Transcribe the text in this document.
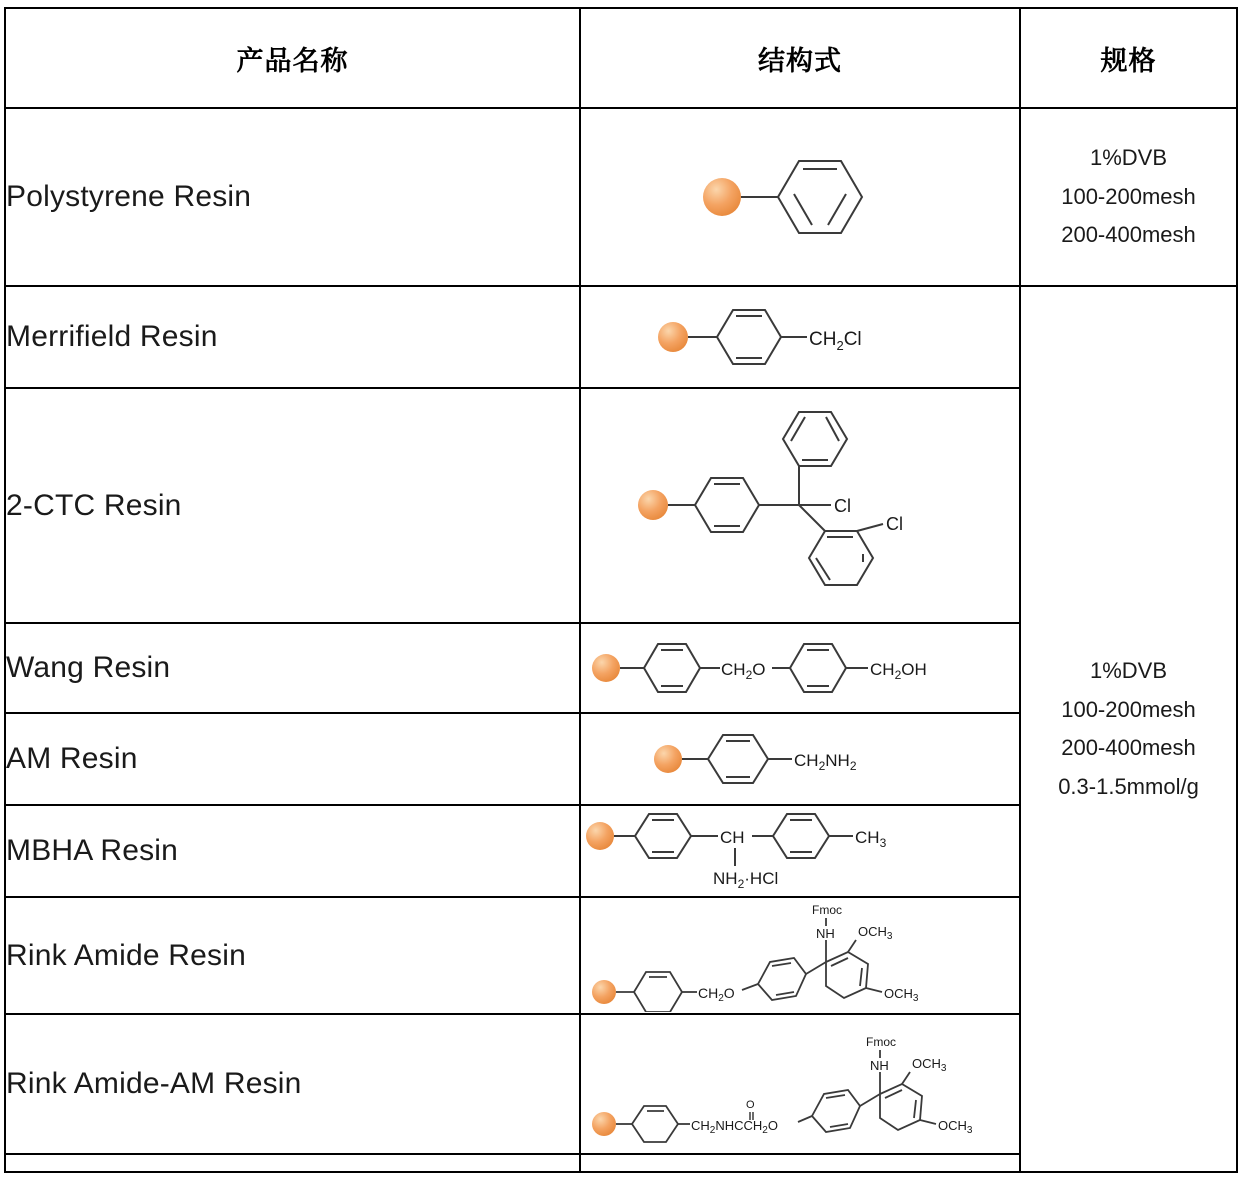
产品名称	结构式	规格
Polystyrene Resin		1%DVB
100-200mesh
200-400mesh

Merrifield Resin	$CH_2Cl$	1%DVB
100-200mesh
200-400mesh
0.3-1.5mmol/g

2-CTC Resin	Cl
Cl	

Wang Resin	$CH_2O$ $CH_2OH$	

AM Resin	$CH_2NH_2$

MBHA Resin	CH $CH_3$
$NH_2\cdot HCl$	

Rink Amide Resin	$CH_2O$
NH
Fmoc
$OCH_3$
$OCH_3$

Rink Amide-AM Resin	
$CH_2NHCCH_2O$
O
NH
Fmoc
$OCH_3$
$OCH_3$
